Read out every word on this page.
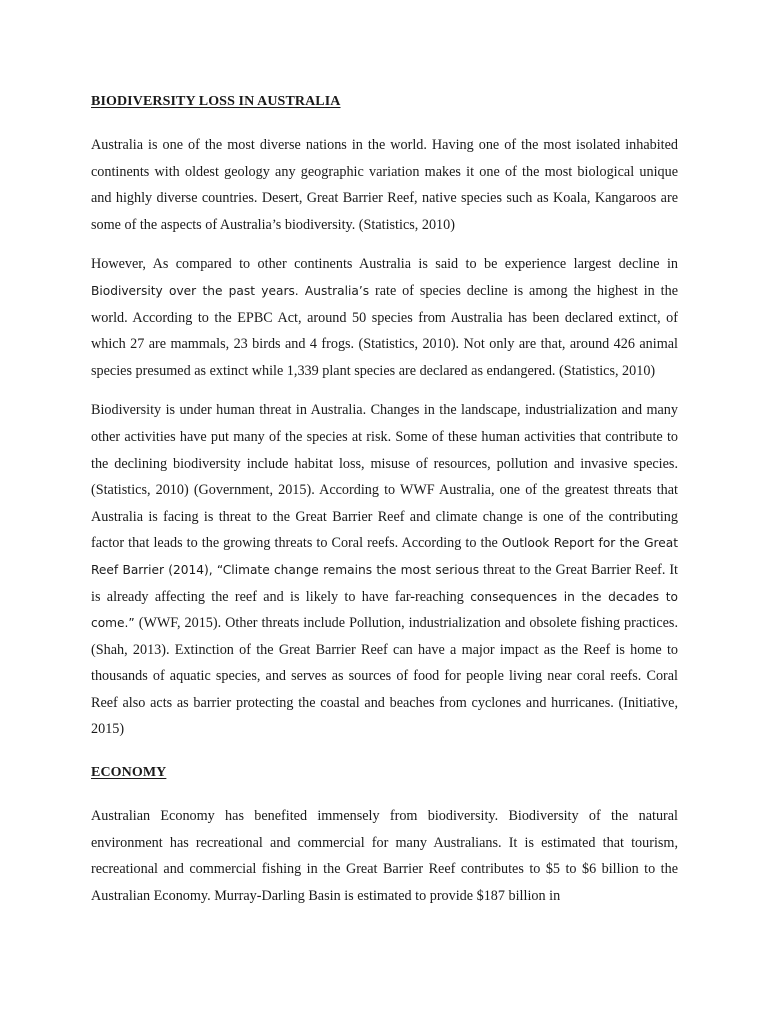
BIODIVERSITY LOSS IN AUSTRALIA

Australia is one of the most diverse nations in the world. Having one of the most isolated inhabited continents with oldest geology any geographic variation makes it one of the most biological unique and highly diverse countries. Desert, Great Barrier Reef, native species such as Koala, Kangaroos are some of the aspects of Australia’s biodiversity. (Statistics, 2010)

However, As compared to other continents Australia is said to be experience largest decline in Biodiversity over the past years. Australia’s rate of species decline is among the highest in the world. According to the EPBC Act, around 50 species from Australia has been declared extinct, of which 27 are mammals, 23 birds and 4 frogs. (Statistics, 2010). Not only are that, around 426 animal species presumed as extinct while 1,339 plant species are declared as endangered. (Statistics, 2010)

Biodiversity is under human threat in Australia. Changes in the landscape, industrialization and many other activities have put many of the species at risk. Some of these human activities that contribute to the declining biodiversity include habitat loss, misuse of resources, pollution and invasive species. (Statistics, 2010) (Government, 2015). According to WWF Australia, one of the greatest threats that Australia is facing is threat to the Great Barrier Reef and climate change is one of the contributing factor that leads to the growing threats to Coral reefs. According to the Outlook Report for the Great Reef Barrier (2014), “Climate change remains the most serious threat to the Great Barrier Reef. It is already affecting the reef and is likely to have far-reaching consequences in the decades to come.” (WWF, 2015). Other threats include Pollution, industrialization and obsolete fishing practices. (Shah, 2013). Extinction of the Great Barrier Reef can have a major impact as the Reef is home to thousands of aquatic species, and serves as sources of food for people living near coral reefs. Coral Reef also acts as barrier protecting the coastal and beaches from cyclones and hurricanes. (Initiative, 2015)

ECONOMY

Australian Economy has benefited immensely from biodiversity. Biodiversity of the natural environment has recreational and commercial for many Australians. It is estimated that tourism, recreational and commercial fishing in the Great Barrier Reef contributes to $5 to $6 billion to the Australian Economy. Murray-Darling Basin is estimated to provide $187 billion in
